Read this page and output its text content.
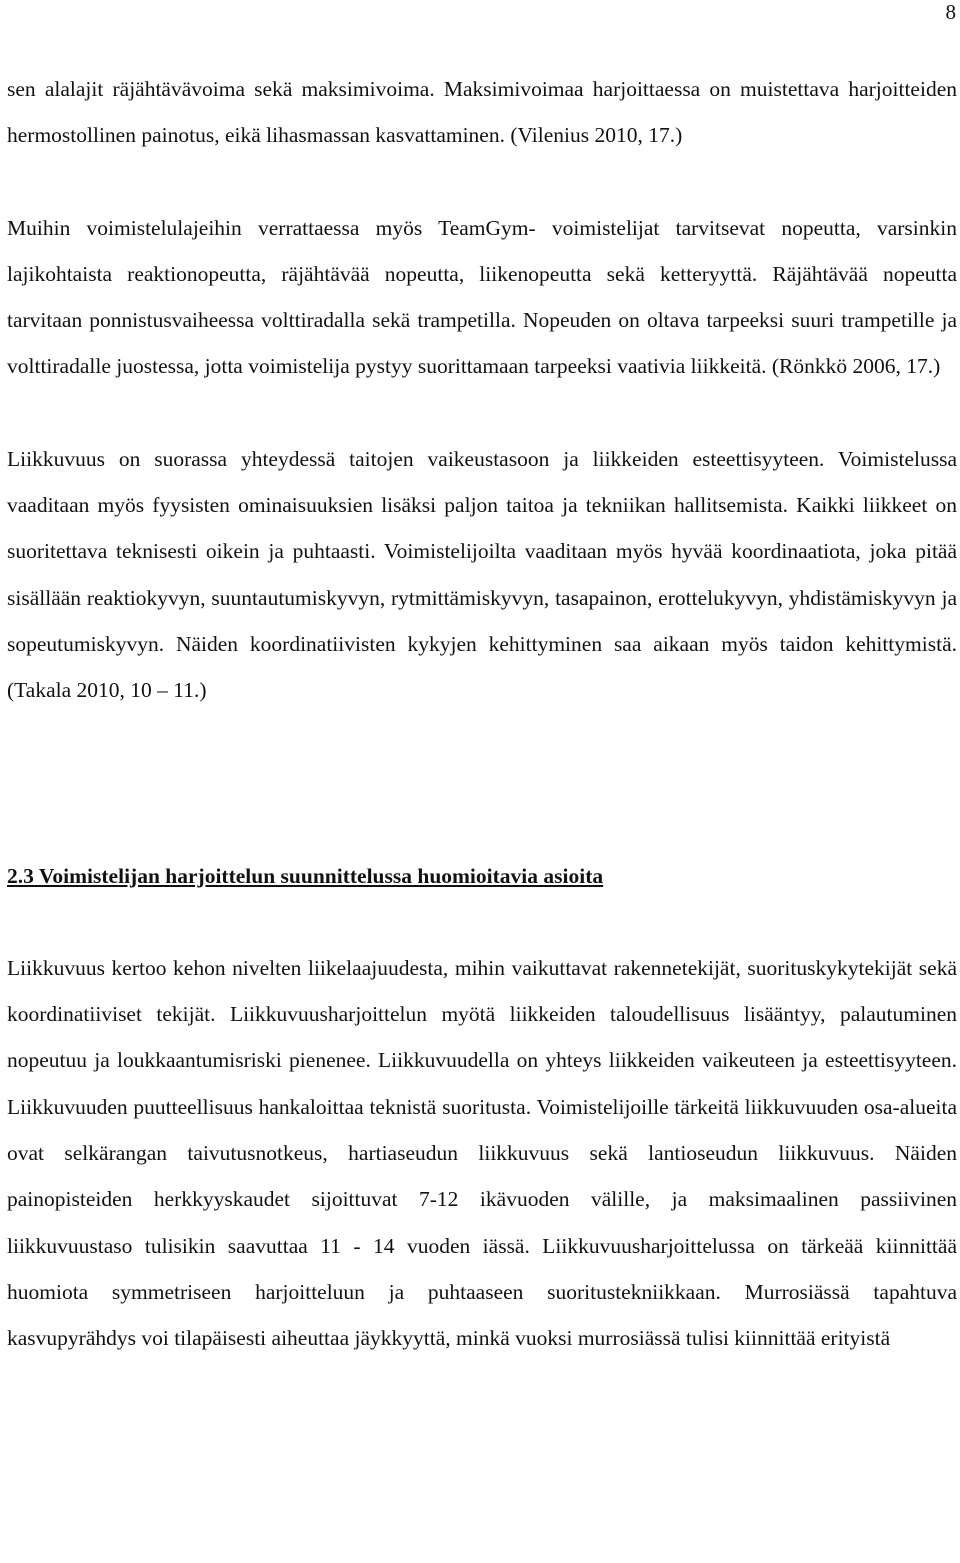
8

sen alalajit räjähtävävoima sekä maksimivoima. Maksimivoimaa harjoittaessa on muistettava harjoitteiden hermostollinen painotus, eikä lihasmassan kasvattaminen. (Vilenius 2010, 17.)

Muihin voimistelulajeihin verrattaessa myös TeamGym- voimistelijat tarvitsevat nopeutta, varsinkin lajikohtaista reaktionopeutta, räjähtävää nopeutta, liikenopeutta sekä ketteryyttä. Räjähtävää nopeutta tarvitaan ponnistusvaiheessa volttiradalla sekä trampetilla. Nopeuden on oltava tarpeeksi suuri trampetille ja volttiradalle juostessa, jotta voimistelija pystyy suorittamaan tarpeeksi vaativia liikkeitä. (Rönkkö 2006, 17.)

Liikkuvuus on suorassa yhteydessä taitojen vaikeustasoon ja liikkeiden esteettisyyteen. Voimistelussa vaaditaan myös fyysisten ominaisuuksien lisäksi paljon taitoa ja tekniikan hallitsemista. Kaikki liikkeet on suoritettava teknisesti oikein ja puhtaasti. Voimistelijoilta vaaditaan myös hyvää koordinaatiota, joka pitää sisällään reaktiokyvyn, suuntautumiskyvyn, rytmittämiskyvyn, tasapainon, erottelukyvyn, yhdistämiskyvyn ja sopeutumiskyvyn. Näiden koordinatiivisten kykyjen kehittyminen saa aikaan myös taidon kehittymistä. (Takala 2010, 10 – 11.)

2.3 Voimistelijan harjoittelun suunnittelussa huomioitavia asioita

Liikkuvuus kertoo kehon nivelten liikelaajuudesta, mihin vaikuttavat rakennetekijät, suorituskykytekijät sekä koordinatiiviset tekijät. Liikkuvuusharjoittelun myötä liikkeiden taloudellisuus lisääntyy, palautuminen nopeutuu ja loukkaantumisriski pienenee. Liikkuvuudella on yhteys liikkeiden vaikeuteen ja esteettisyyteen. Liikkuvuuden puutteellisuus hankaloittaa teknistä suoritusta. Voimistelijoille tärkeitä liikkuvuuden osa-alueita ovat selkärangan taivutusnotkeus, hartiaseudun liikkuvuus sekä lantioseudun liikkuvuus. Näiden painopisteiden herkkyyskaudet sijoittuvat 7-12 ikävuoden välille, ja maksimaalinen passiivinen liikkuvuustaso tulisikin saavuttaa 11 - 14 vuoden iässä. Liikkuvuusharjoittelussa on tärkeää kiinnittää huomiota symmetriseen harjoitteluun ja puhtaaseen suoritustekniikkaan. Murrosiässä tapahtuva kasvupyrähdys voi tilapäisesti aiheuttaa jäykkyyttä, minkä vuoksi murrosiässä tulisi kiinnittää erityistä
